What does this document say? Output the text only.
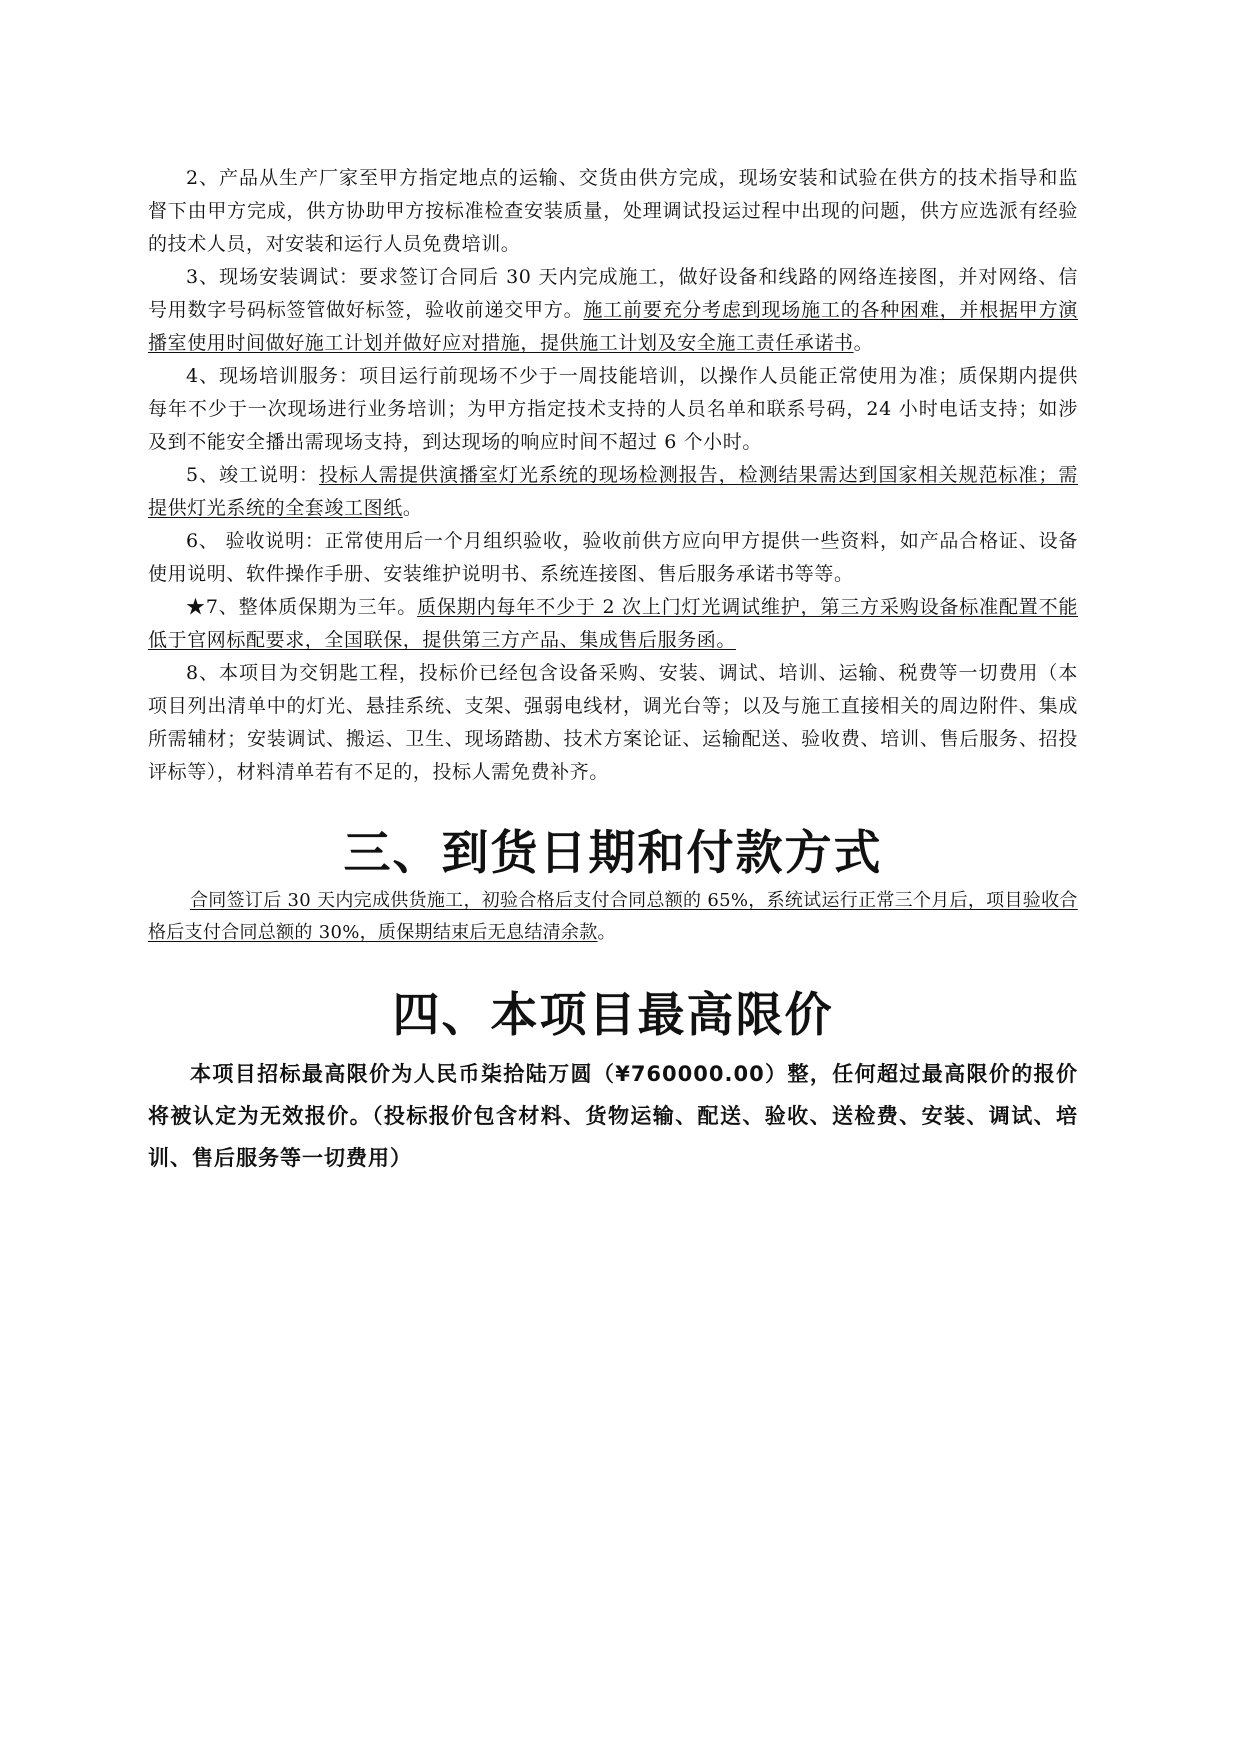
2、产品从生产厂家至甲方指定地点的运输、交货由供方完成，现场安装和试验在供方的技术指导和监督下由甲方完成，供方协助甲方按标准检查安装质量，处理调试投运过程中出现的问题，供方应选派有经验的技术人员，对安装和运行人员免费培训。

3、现场安装调试：要求签订合同后 30 天内完成施工，做好设备和线路的网络连接图，并对网络、信号用数字号码标签管做好标签，验收前递交甲方。施工前要充分考虑到现场施工的各种困难，并根据甲方演播室使用时间做好施工计划并做好应对措施，提供施工计划及安全施工责任承诺书。

4、现场培训服务：项目运行前现场不少于一周技能培训，以操作人员能正常使用为准；质保期内提供每年不少于一次现场进行业务培训；为甲方指定技术支持的人员名单和联系号码，24 小时电话支持；如涉及到不能安全播出需现场支持，到达现场的响应时间不超过 6 个小时。

5、竣工说明：投标人需提供演播室灯光系统的现场检测报告，检测结果需达到国家相关规范标准；需提供灯光系统的全套竣工图纸。

6、 验收说明：正常使用后一个月组织验收，验收前供方应向甲方提供一些资料，如产品合格证、设备使用说明、软件操作手册、安装维护说明书、系统连接图、售后服务承诺书等等。

★7、整体质保期为三年。质保期内每年不少于 2 次上门灯光调试维护，第三方采购设备标准配置不能低于官网标配要求，全国联保，提供第三方产品、集成售后服务函。

8、本项目为交钥匙工程，投标价已经包含设备采购、安装、调试、培训、运输、税费等一切费用（本项目列出清单中的灯光、悬挂系统、支架、强弱电线材，调光台等；以及与施工直接相关的周边附件、集成所需辅材；安装调试、搬运、卫生、现场踏勘、技术方案论证、运输配送、验收费、培训、售后服务、招投评标等），材料清单若有不足的，投标人需免费补齐。

三、到货日期和付款方式

合同签订后 30 天内完成供货施工，初验合格后支付合同总额的 65%，系统试运行正常三个月后，项目验收合格后支付合同总额的 30%，质保期结束后无息结清余款。

四、本项目最高限价

本项目招标最高限价为人民币柒拾陆万圆（¥760000.00）整，任何超过最高限价的报价将被认定为无效报价。（投标报价包含材料、货物运输、配送、验收、送检费、安装、调试、培训、售后服务等一切费用）
